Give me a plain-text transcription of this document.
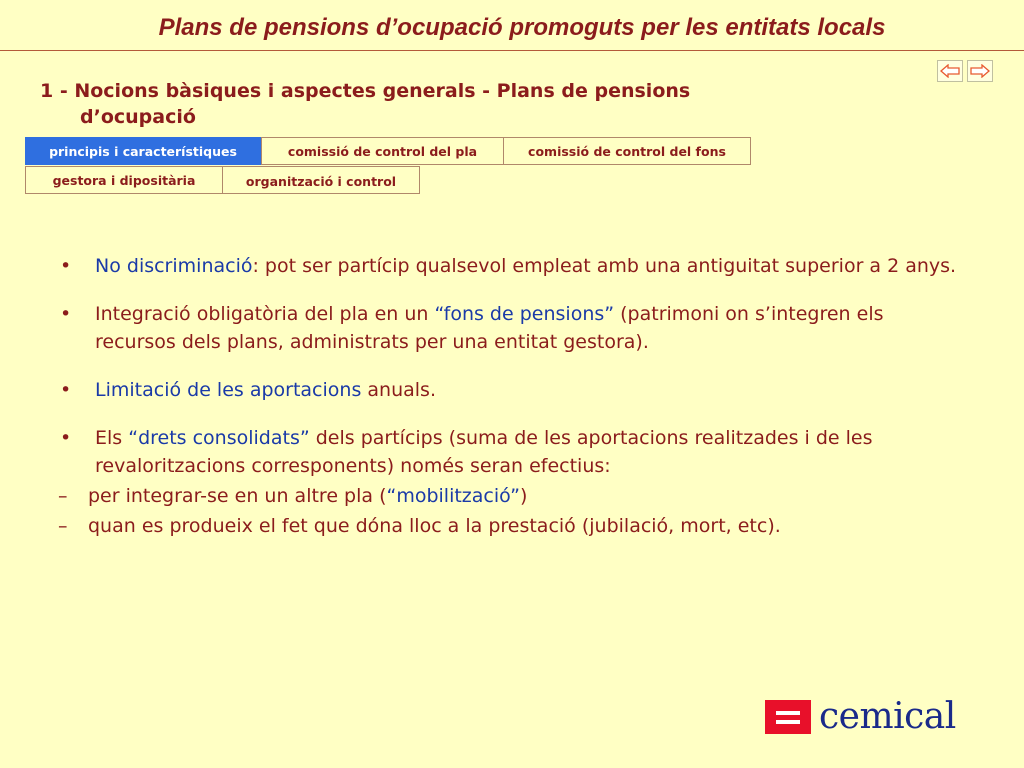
Plans de pensions d’ocupació promoguts per les entitats locals
1 - Nocions bàsiques i aspectes generals - Plans de pensions
d’ocupació
principis i característiques	comissió de control del pla	comissió de control del fons
gestora i dipositària	organització i control
• No discriminació: pot ser partícip qualsevol empleat amb una antiguitat superior a 2 anys.
• Integració obligatòria del pla en un “fons de pensions” (patrimoni on s’integren els recursos dels plans, administrats per una entitat gestora).
• Limitació de les aportacions anuals.
• Els “drets consolidats” dels partícips (suma de les aportacions realitzades i de les revaloritzacions corresponents) només seran efectius:
– per integrar-se en un altre pla (“mobilització”)
– quan es produeix el fet que dóna lloc a la prestació (jubilació, mort, etc).
cemical
